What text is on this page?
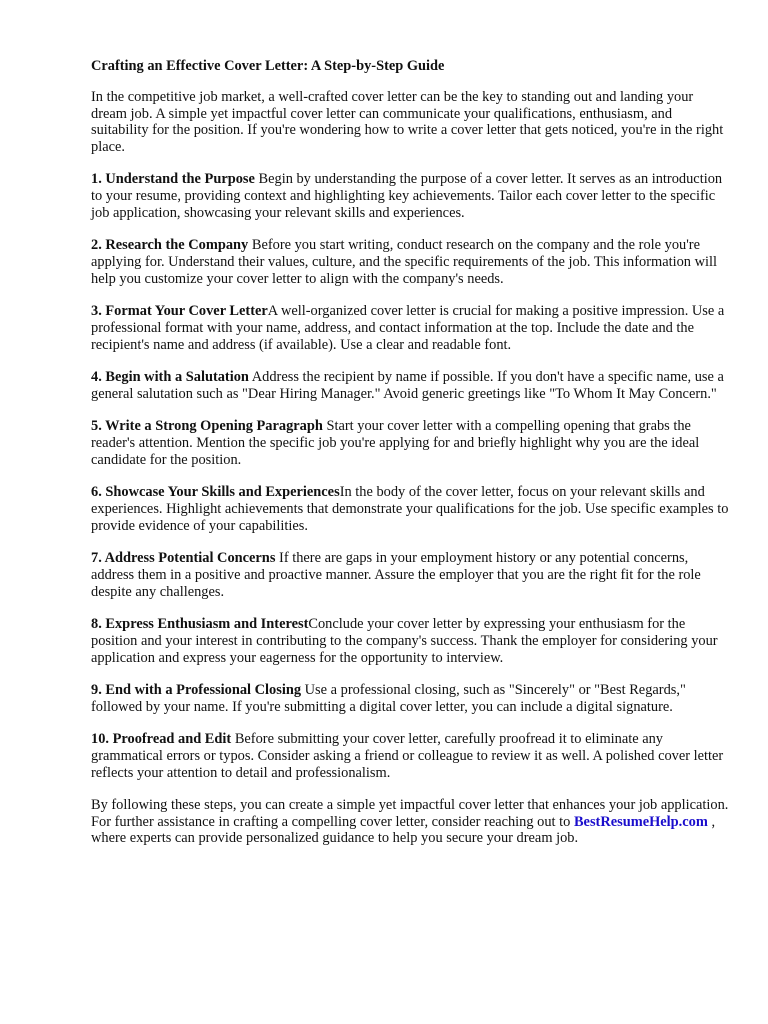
Crafting an Effective Cover Letter: A Step-by-Step Guide

In the competitive job market, a well-crafted cover letter can be the key to standing out and landing your dream job. A simple yet impactful cover letter can communicate your qualifications, enthusiasm, and suitability for the position. If you're wondering how to write a cover letter that gets noticed, you're in the right place.

1. Understand the Purpose Begin by understanding the purpose of a cover letter. It serves as an introduction to your resume, providing context and highlighting key achievements. Tailor each cover letter to the specific job application, showcasing your relevant skills and experiences.

2. Research the Company Before you start writing, conduct research on the company and the role you're applying for. Understand their values, culture, and the specific requirements of the job. This information will help you customize your cover letter to align with the company's needs.

3. Format Your Cover LetterA well-organized cover letter is crucial for making a positive impression. Use a professional format with your name, address, and contact information at the top. Include the date and the recipient's name and address (if available). Use a clear and readable font.

4. Begin with a Salutation Address the recipient by name if possible. If you don't have a specific name, use a general salutation such as "Dear Hiring Manager." Avoid generic greetings like "To Whom It May Concern."

5. Write a Strong Opening Paragraph Start your cover letter with a compelling opening that grabs the reader's attention. Mention the specific job you're applying for and briefly highlight why you are the ideal candidate for the position.

6. Showcase Your Skills and ExperiencesIn the body of the cover letter, focus on your relevant skills and experiences. Highlight achievements that demonstrate your qualifications for the job. Use specific examples to provide evidence of your capabilities.

7. Address Potential Concerns If there are gaps in your employment history or any potential concerns, address them in a positive and proactive manner. Assure the employer that you are the right fit for the role despite any challenges.

8. Express Enthusiasm and InterestConclude your cover letter by expressing your enthusiasm for the position and your interest in contributing to the company's success. Thank the employer for considering your application and express your eagerness for the opportunity to interview.

9. End with a Professional Closing Use a professional closing, such as "Sincerely" or "Best Regards," followed by your name. If you're submitting a digital cover letter, you can include a digital signature.

10. Proofread and Edit Before submitting your cover letter, carefully proofread it to eliminate any grammatical errors or typos. Consider asking a friend or colleague to review it as well. A polished cover letter reflects your attention to detail and professionalism.

By following these steps, you can create a simple yet impactful cover letter that enhances your job application. For further assistance in crafting a compelling cover letter, consider reaching out to BestResumeHelp.com , where experts can provide personalized guidance to help you secure your dream job.
